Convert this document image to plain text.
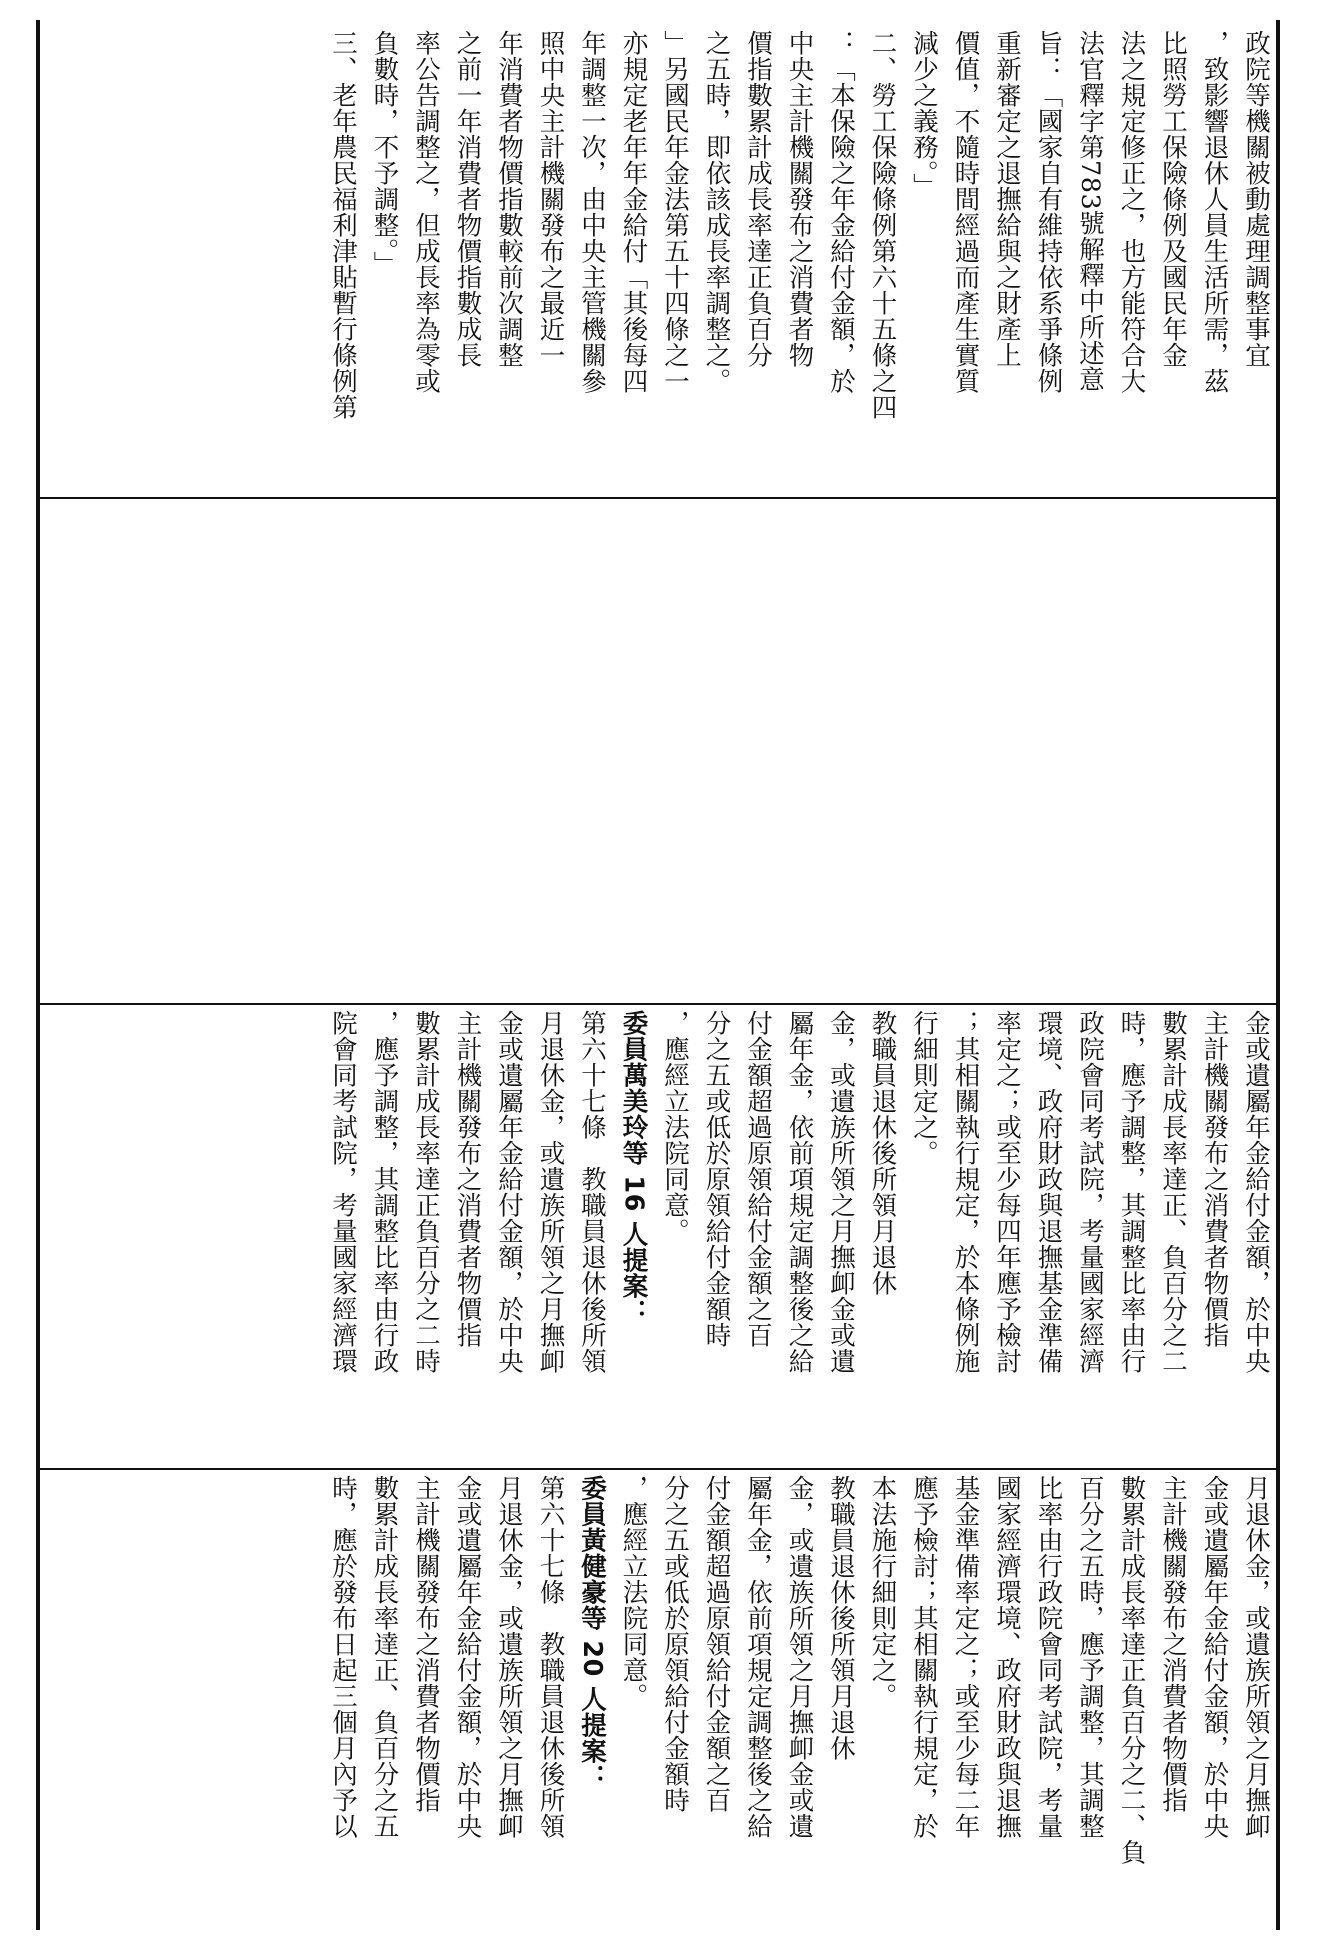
政院等機關被動處理調整事宜
，致影響退休人員生活所需，茲
比照勞工保險條例及國民年金
法之規定修正之，也方能符合大
法官釋字第783號解釋中所述意
旨：「國家自有維持依系爭條例
重新審定之退撫給與之財產上
價值，不隨時間經過而產生實質
減少之義務。」
二、勞工保險條例第六十五條之四
：「本保險之年金給付金額，於
中央主計機關發布之消費者物
價指數累計成長率達正負百分
之五時，即依該成長率調整之。
」另國民年金法第五十四條之一
亦規定老年年金給付「其後每四
年調整一次，由中央主管機關參
照中央主計機關發布之最近一
年消費者物價指數較前次調整
之前一年消費者物價指數成長
率公告調整之，但成長率為零或
負數時，不予調整。」
三、老年農民福利津貼暫行條例第
月退休金，或遺族所領之月撫卹
金或遺屬年金給付金額，於中央
主計機關發布之消費者物價指
數累計成長率達正負百分之二、負
百分之五時，應予調整，其調整
比率由行政院會同考試院，考量
國家經濟環境、政府財政與退撫
基金準備率定之；或至少每二年
應予檢討；其相關執行規定，於
本法施行細則定之。
教職員退休後所領月退休
金，或遺族所領之月撫卹金或遺
屬年金，依前項規定調整後之給
付金額超過原領給付金額之百
分之五或低於原領給付金額時
，應經立法院同意。
委員黃健豪等 20 人提案：
第六十七條　教職員退休後所領
月退休金，或遺族所領之月撫卹
金或遺屬年金給付金額，於中央
主計機關發布之消費者物價指
數累計成長率達正、負百分之五
時，應於發布日起三個月內予以
金或遺屬年金給付金額，於中央
主計機關發布之消費者物價指
數累計成長率達正、負百分之二
時，應予調整，其調整比率由行
政院會同考試院，考量國家經濟
環境、政府財政與退撫基金準備
率定之；或至少每四年應予檢討
；其相關執行規定，於本條例施
行細則定之。
教職員退休後所領月退休
金，或遺族所領之月撫卹金或遺
屬年金，依前項規定調整後之給
付金額超過原領給付金額之百
分之五或低於原領給付金額時
，應經立法院同意。
委員萬美玲等 16 人提案：
第六十七條　教職員退休後所領
月退休金，或遺族所領之月撫卹
金或遺屬年金給付金額，於中央
主計機關發布之消費者物價指
數累計成長率達正負百分之二時
，應予調整，其調整比率由行政
院會同考試院，考量國家經濟環
